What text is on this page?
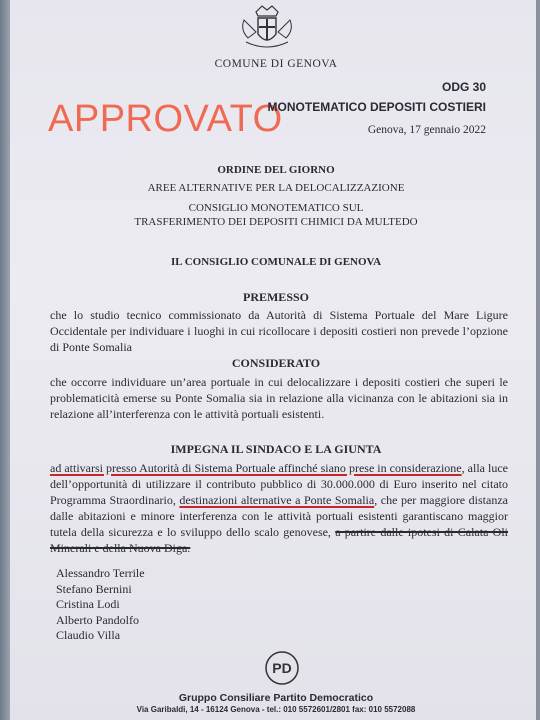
COMUNE DI GENOVA
APPROVATO
ODG 30
MONOTEMATICO DEPOSITI COSTIERI
Genova, 17 gennaio 2022
ORDINE DEL GIORNO
AREE ALTERNATIVE PER LA DELOCALIZZAZIONE
CONSIGLIO MONOTEMATICO SUL
TRASFERIMENTO DEI DEPOSITI CHIMICI DA MULTEDO
IL CONSIGLIO COMUNALE DI GENOVA
PREMESSO
che lo studio tecnico commissionato da Autorità di Sistema Portuale del Mare Ligure Occidentale per individuare i luoghi in cui ricollocare i depositi costieri non prevede l’opzione di Ponte Somalia
CONSIDERATO
che occorre individuare un’area portuale in cui delocalizzare i depositi costieri che superi le problematicità emerse su Ponte Somalia sia in relazione alla vicinanza con le abitazioni sia in relazione all’interferenza con le attività portuali esistenti.
IMPEGNA IL SINDACO E LA GIUNTA
ad attivarsi presso Autorità di Sistema Portuale affinché siano prese in considerazione, alla luce dell’opportunità di utilizzare il contributo pubblico di 30.000.000 di Euro inserito nel citato Programma Straordinario, destinazioni alternative a Ponte Somalia, che per maggiore distanza dalle abitazioni e minore interferenza con le attività portuali esistenti garantiscano maggior tutela della sicurezza e lo sviluppo dello scalo genovese, a partire dalle ipotesi di Calata Oli Minerali e della Nuova Diga.
Alessandro Terrile
Stefano Bernini
Cristina Lodi
Alberto Pandolfo
Claudio Villa
PD
Gruppo Consiliare Partito Democratico
Via Garibaldi, 14 - 16124 Genova - tel.: 010 5572601/2801 fax: 010 5572088
